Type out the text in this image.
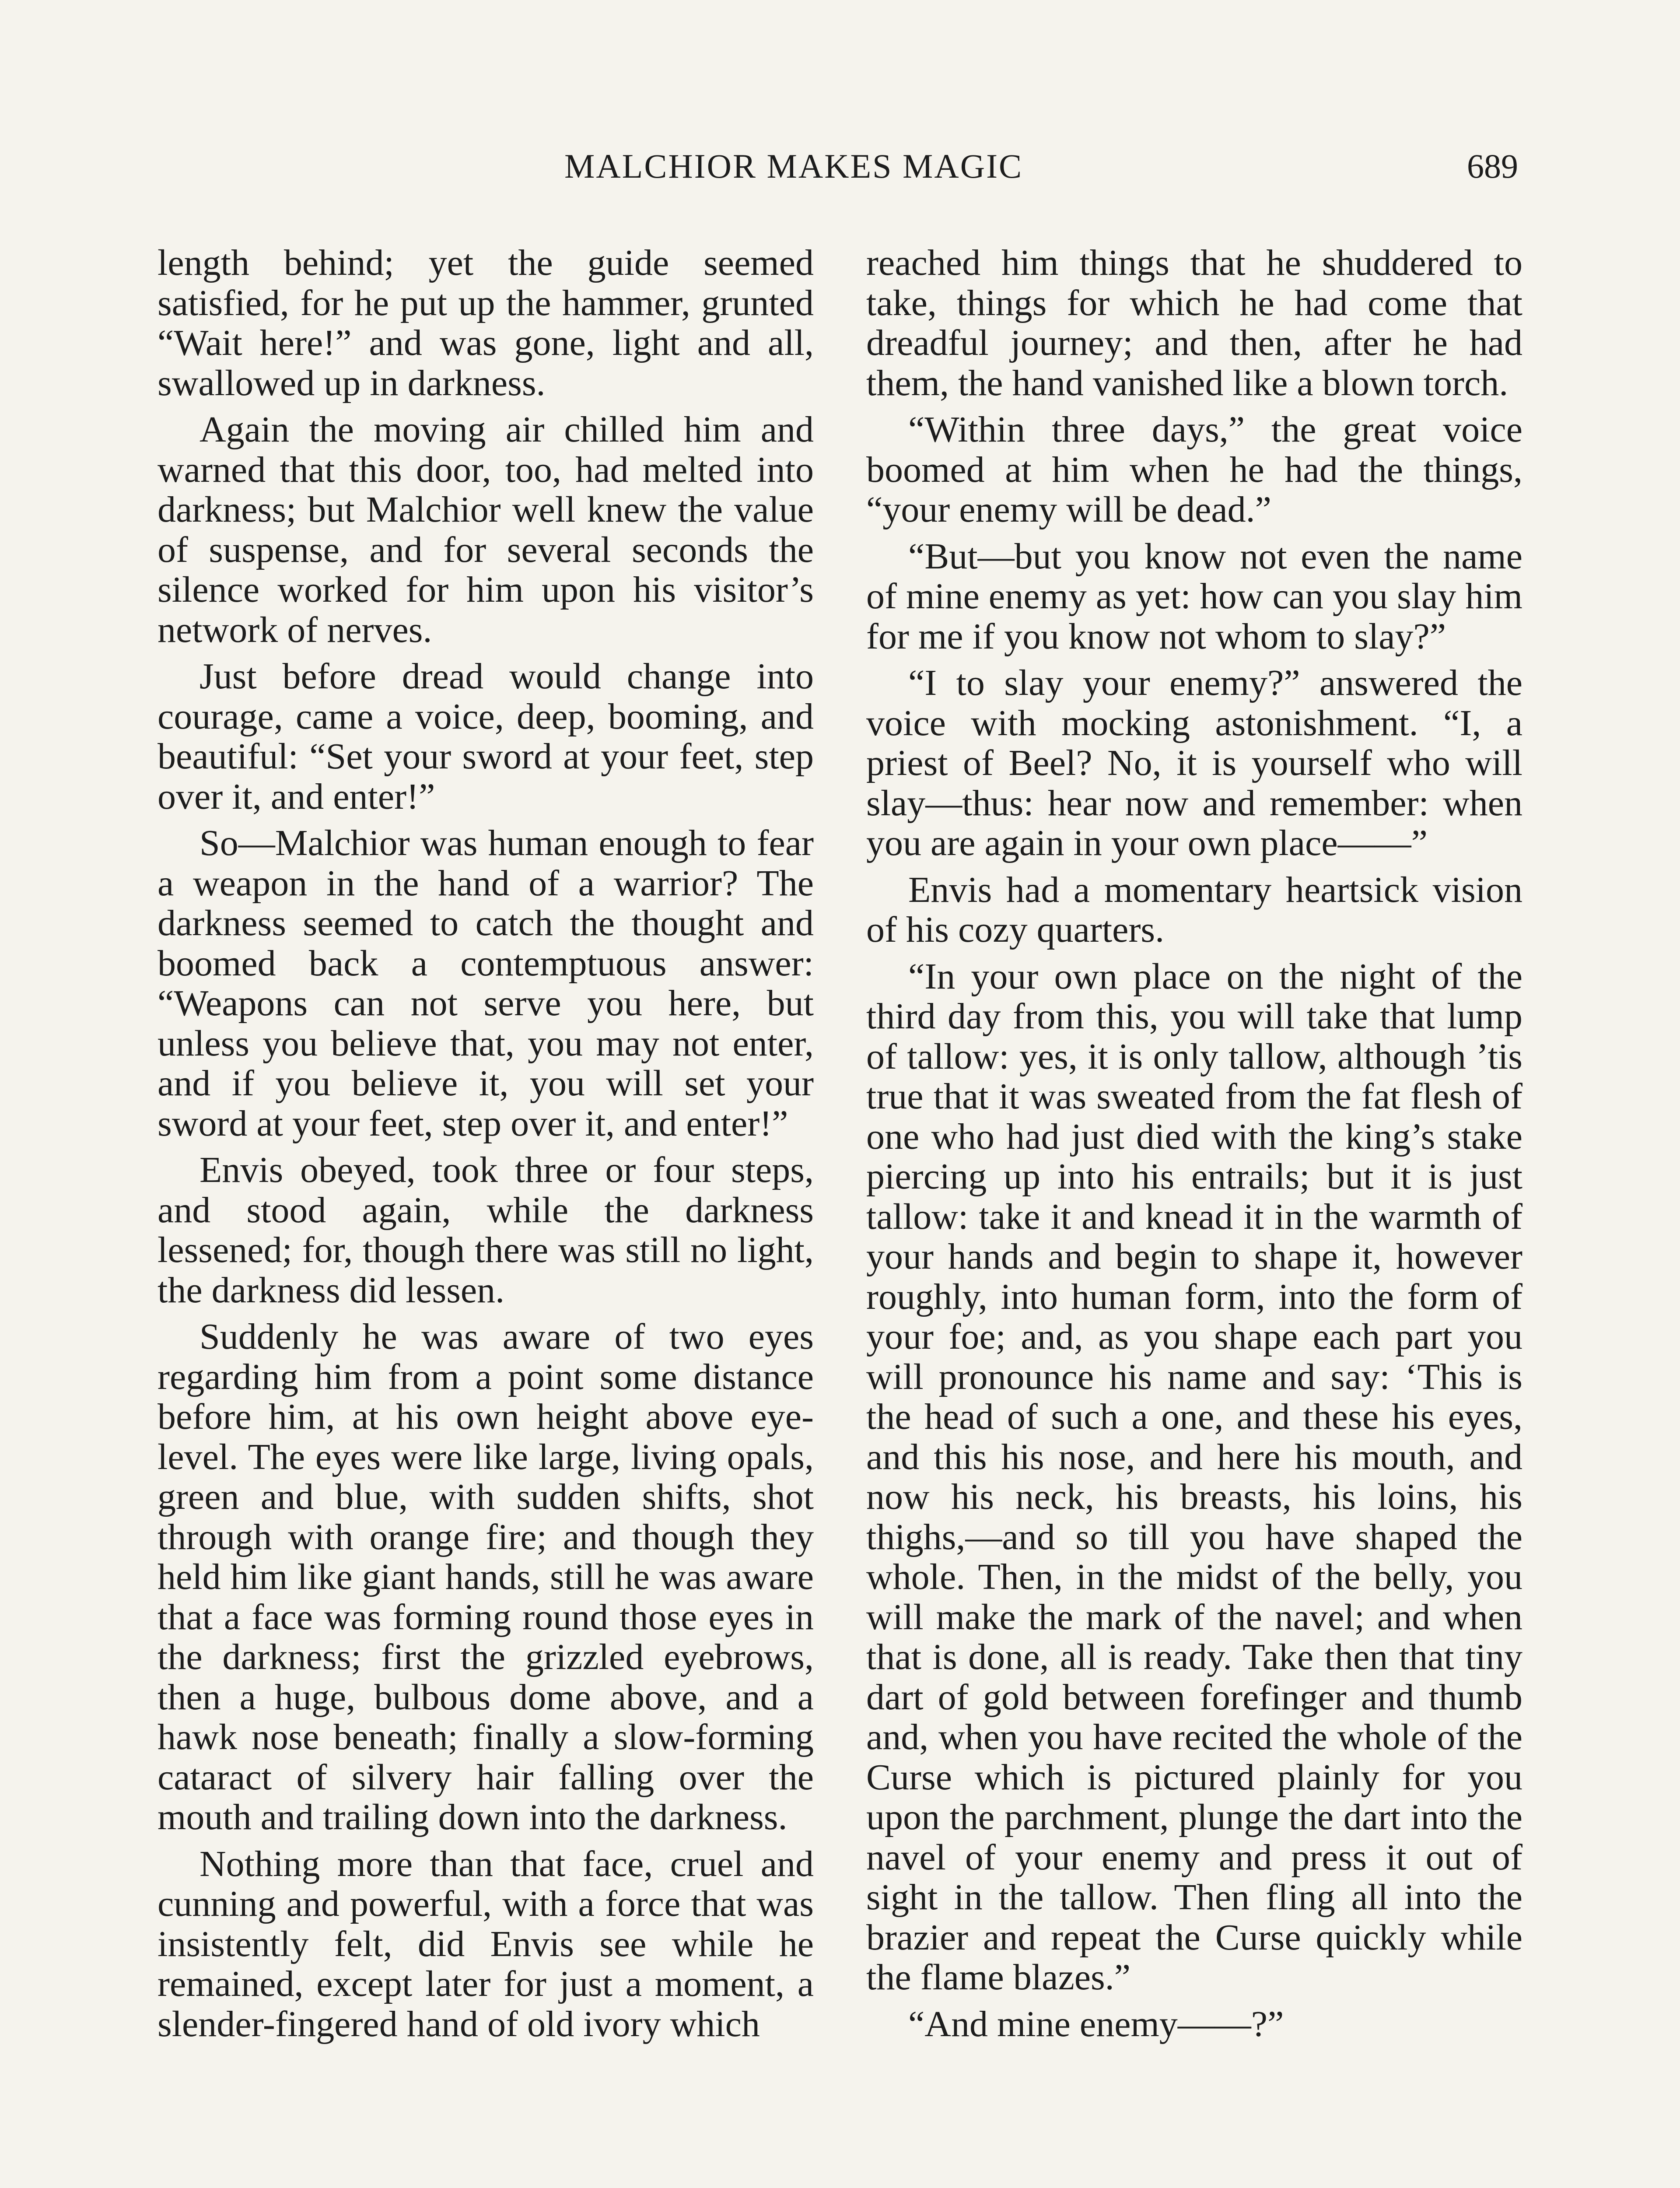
MALCHIOR MAKES MAGIC	689

length behind; yet the guide seemed satisfied, for he put up the hammer, grunted “Wait here!” and was gone, light and all, swallowed up in darkness.

Again the moving air chilled him and warned that this door, too, had melted into darkness; but Malchior well knew the value of suspense, and for several seconds the silence worked for him upon his visitor’s network of nerves.

Just before dread would change into courage, came a voice, deep, booming, and beautiful: “Set your sword at your feet, step over it, and enter!”

So—Malchior was human enough to fear a weapon in the hand of a warrior? The darkness seemed to catch the thought and boomed back a contemptuous answer: “Weapons can not serve you here, but unless you believe that, you may not enter, and if you believe it, you will set your sword at your feet, step over it, and enter!”

Envis obeyed, took three or four steps, and stood again, while the darkness lessened; for, though there was still no light, the darkness did lessen.

Suddenly he was aware of two eyes regarding him from a point some distance before him, at his own height above eye-level. The eyes were like large, living opals, green and blue, with sudden shifts, shot through with orange fire; and though they held him like giant hands, still he was aware that a face was forming round those eyes in the darkness; first the grizzled eyebrows, then a huge, bulbous dome above, and a hawk nose beneath; finally a slow-forming cataract of silvery hair falling over the mouth and trailing down into the darkness.

Nothing more than that face, cruel and cunning and powerful, with a force that was insistently felt, did Envis see while he remained, except later for just a moment, a slender-fingered hand of old ivory which

reached him things that he shuddered to take, things for which he had come that dreadful journey; and then, after he had them, the hand vanished like a blown torch.

“Within three days,” the great voice boomed at him when he had the things, “your enemy will be dead.”

“But—but you know not even the name of mine enemy as yet: how can you slay him for me if you know not whom to slay?”

“I to slay your enemy?” answered the voice with mocking astonishment. “I, a priest of Beel? No, it is yourself who will slay—thus: hear now and remember: when you are again in your own place——”

Envis had a momentary heartsick vision of his cozy quarters.

“In your own place on the night of the third day from this, you will take that lump of tallow: yes, it is only tallow, although ’tis true that it was sweated from the fat flesh of one who had just died with the king’s stake piercing up into his entrails; but it is just tallow: take it and knead it in the warmth of your hands and begin to shape it, however roughly, into human form, into the form of your foe; and, as you shape each part you will pronounce his name and say: ‘This is the head of such a one, and these his eyes, and this his nose, and here his mouth, and now his neck, his breasts, his loins, his thighs,—and so till you have shaped the whole. Then, in the midst of the belly, you will make the mark of the navel; and when that is done, all is ready. Take then that tiny dart of gold between forefinger and thumb and, when you have recited the whole of the Curse which is pictured plainly for you upon the parchment, plunge the dart into the navel of your enemy and press it out of sight in the tallow. Then fling all into the brazier and repeat the Curse quickly while the flame blazes.”

“And mine enemy——?”
